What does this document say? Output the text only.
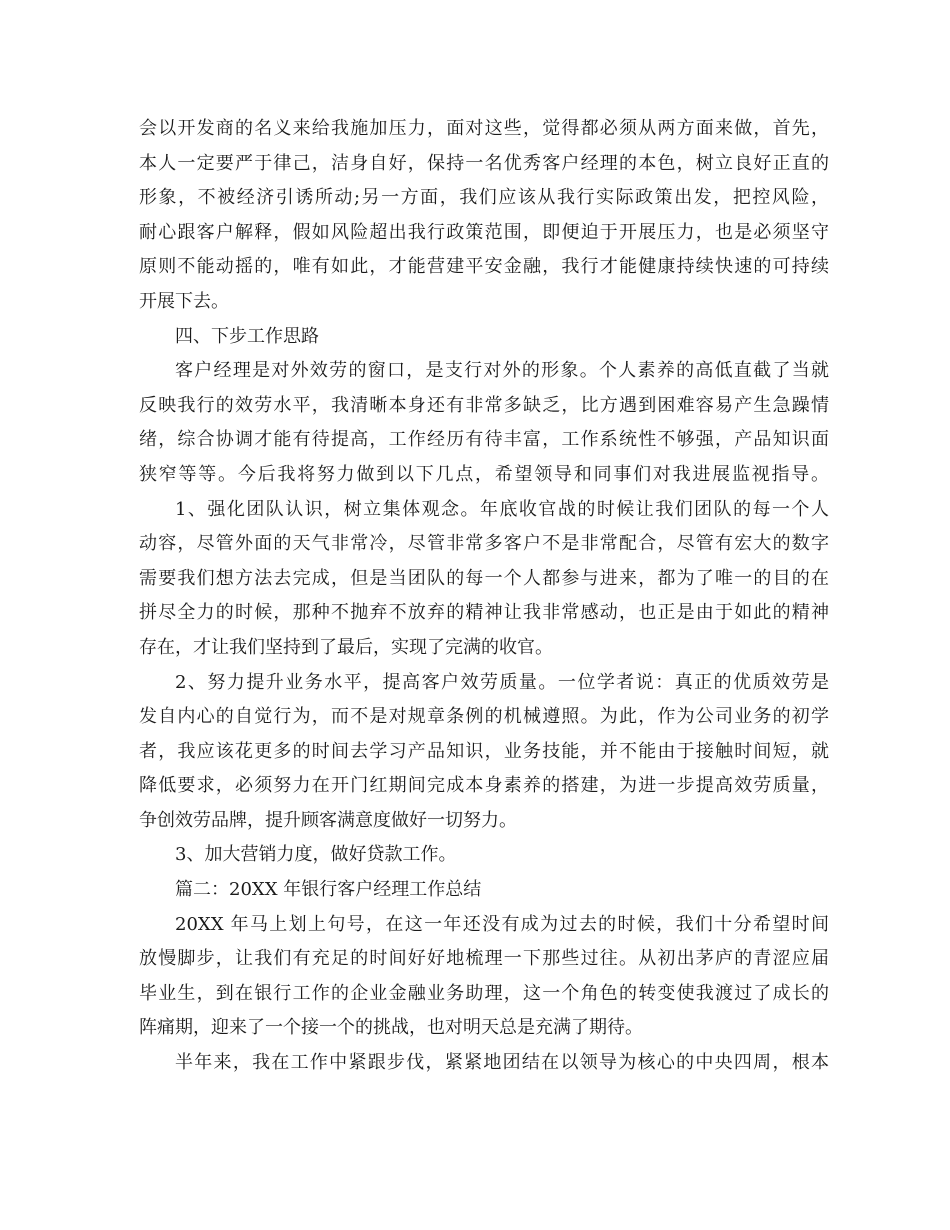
会以开发商的名义来给我施加压力，面对这些，觉得都必须从两方面来做，首先，
本人一定要严于律己，洁身自好，保持一名优秀客户经理的本色，树立良好正直的
形象，不被经济引诱所动;另一方面，我们应该从我行实际政策出发，把控风险，
耐心跟客户解释，假如风险超出我行政策范围，即便迫于开展压力，也是必须坚守
原则不能动摇的，唯有如此，才能营建平安金融，我行才能健康持续快速的可持续
开展下去。
四、下步工作思路
客户经理是对外效劳的窗口，是支行对外的形象。个人素养的高低直截了当就
反映我行的效劳水平，我清晰本身还有非常多缺乏，比方遇到困难容易产生急躁情
绪，综合协调才能有待提高，工作经历有待丰富，工作系统性不够强，产品知识面
狭窄等等。今后我将努力做到以下几点，希望领导和同事们对我进展监视指导。
1、强化团队认识，树立集体观念。年底收官战的时候让我们团队的每一个人
动容，尽管外面的天气非常冷，尽管非常多客户不是非常配合，尽管有宏大的数字
需要我们想方法去完成，但是当团队的每一个人都参与进来，都为了唯一的目的在
拼尽全力的时候，那种不抛弃不放弃的精神让我非常感动，也正是由于如此的精神
存在，才让我们坚持到了最后，实现了完满的收官。
2、努力提升业务水平，提高客户效劳质量。一位学者说：真正的优质效劳是
发自内心的自觉行为，而不是对规章条例的机械遵照。为此，作为公司业务的初学
者，我应该花更多的时间去学习产品知识，业务技能，并不能由于接触时间短，就
降低要求，必须努力在开门红期间完成本身素养的搭建，为进一步提高效劳质量，
争创效劳品牌，提升顾客满意度做好一切努力。
3、加大营销力度，做好贷款工作。
篇二：20XX 年银行客户经理工作总结
20XX 年马上划上句号，在这一年还没有成为过去的时候，我们十分希望时间
放慢脚步，让我们有充足的时间好好地梳理一下那些过往。从初出茅庐的青涩应届
毕业生，到在银行工作的企业金融业务助理，这一个角色的转变使我渡过了成长的
阵痛期，迎来了一个接一个的挑战，也对明天总是充满了期待。
半年来，我在工作中紧跟步伐，紧紧地团结在以领导为核心的中央四周，根本
